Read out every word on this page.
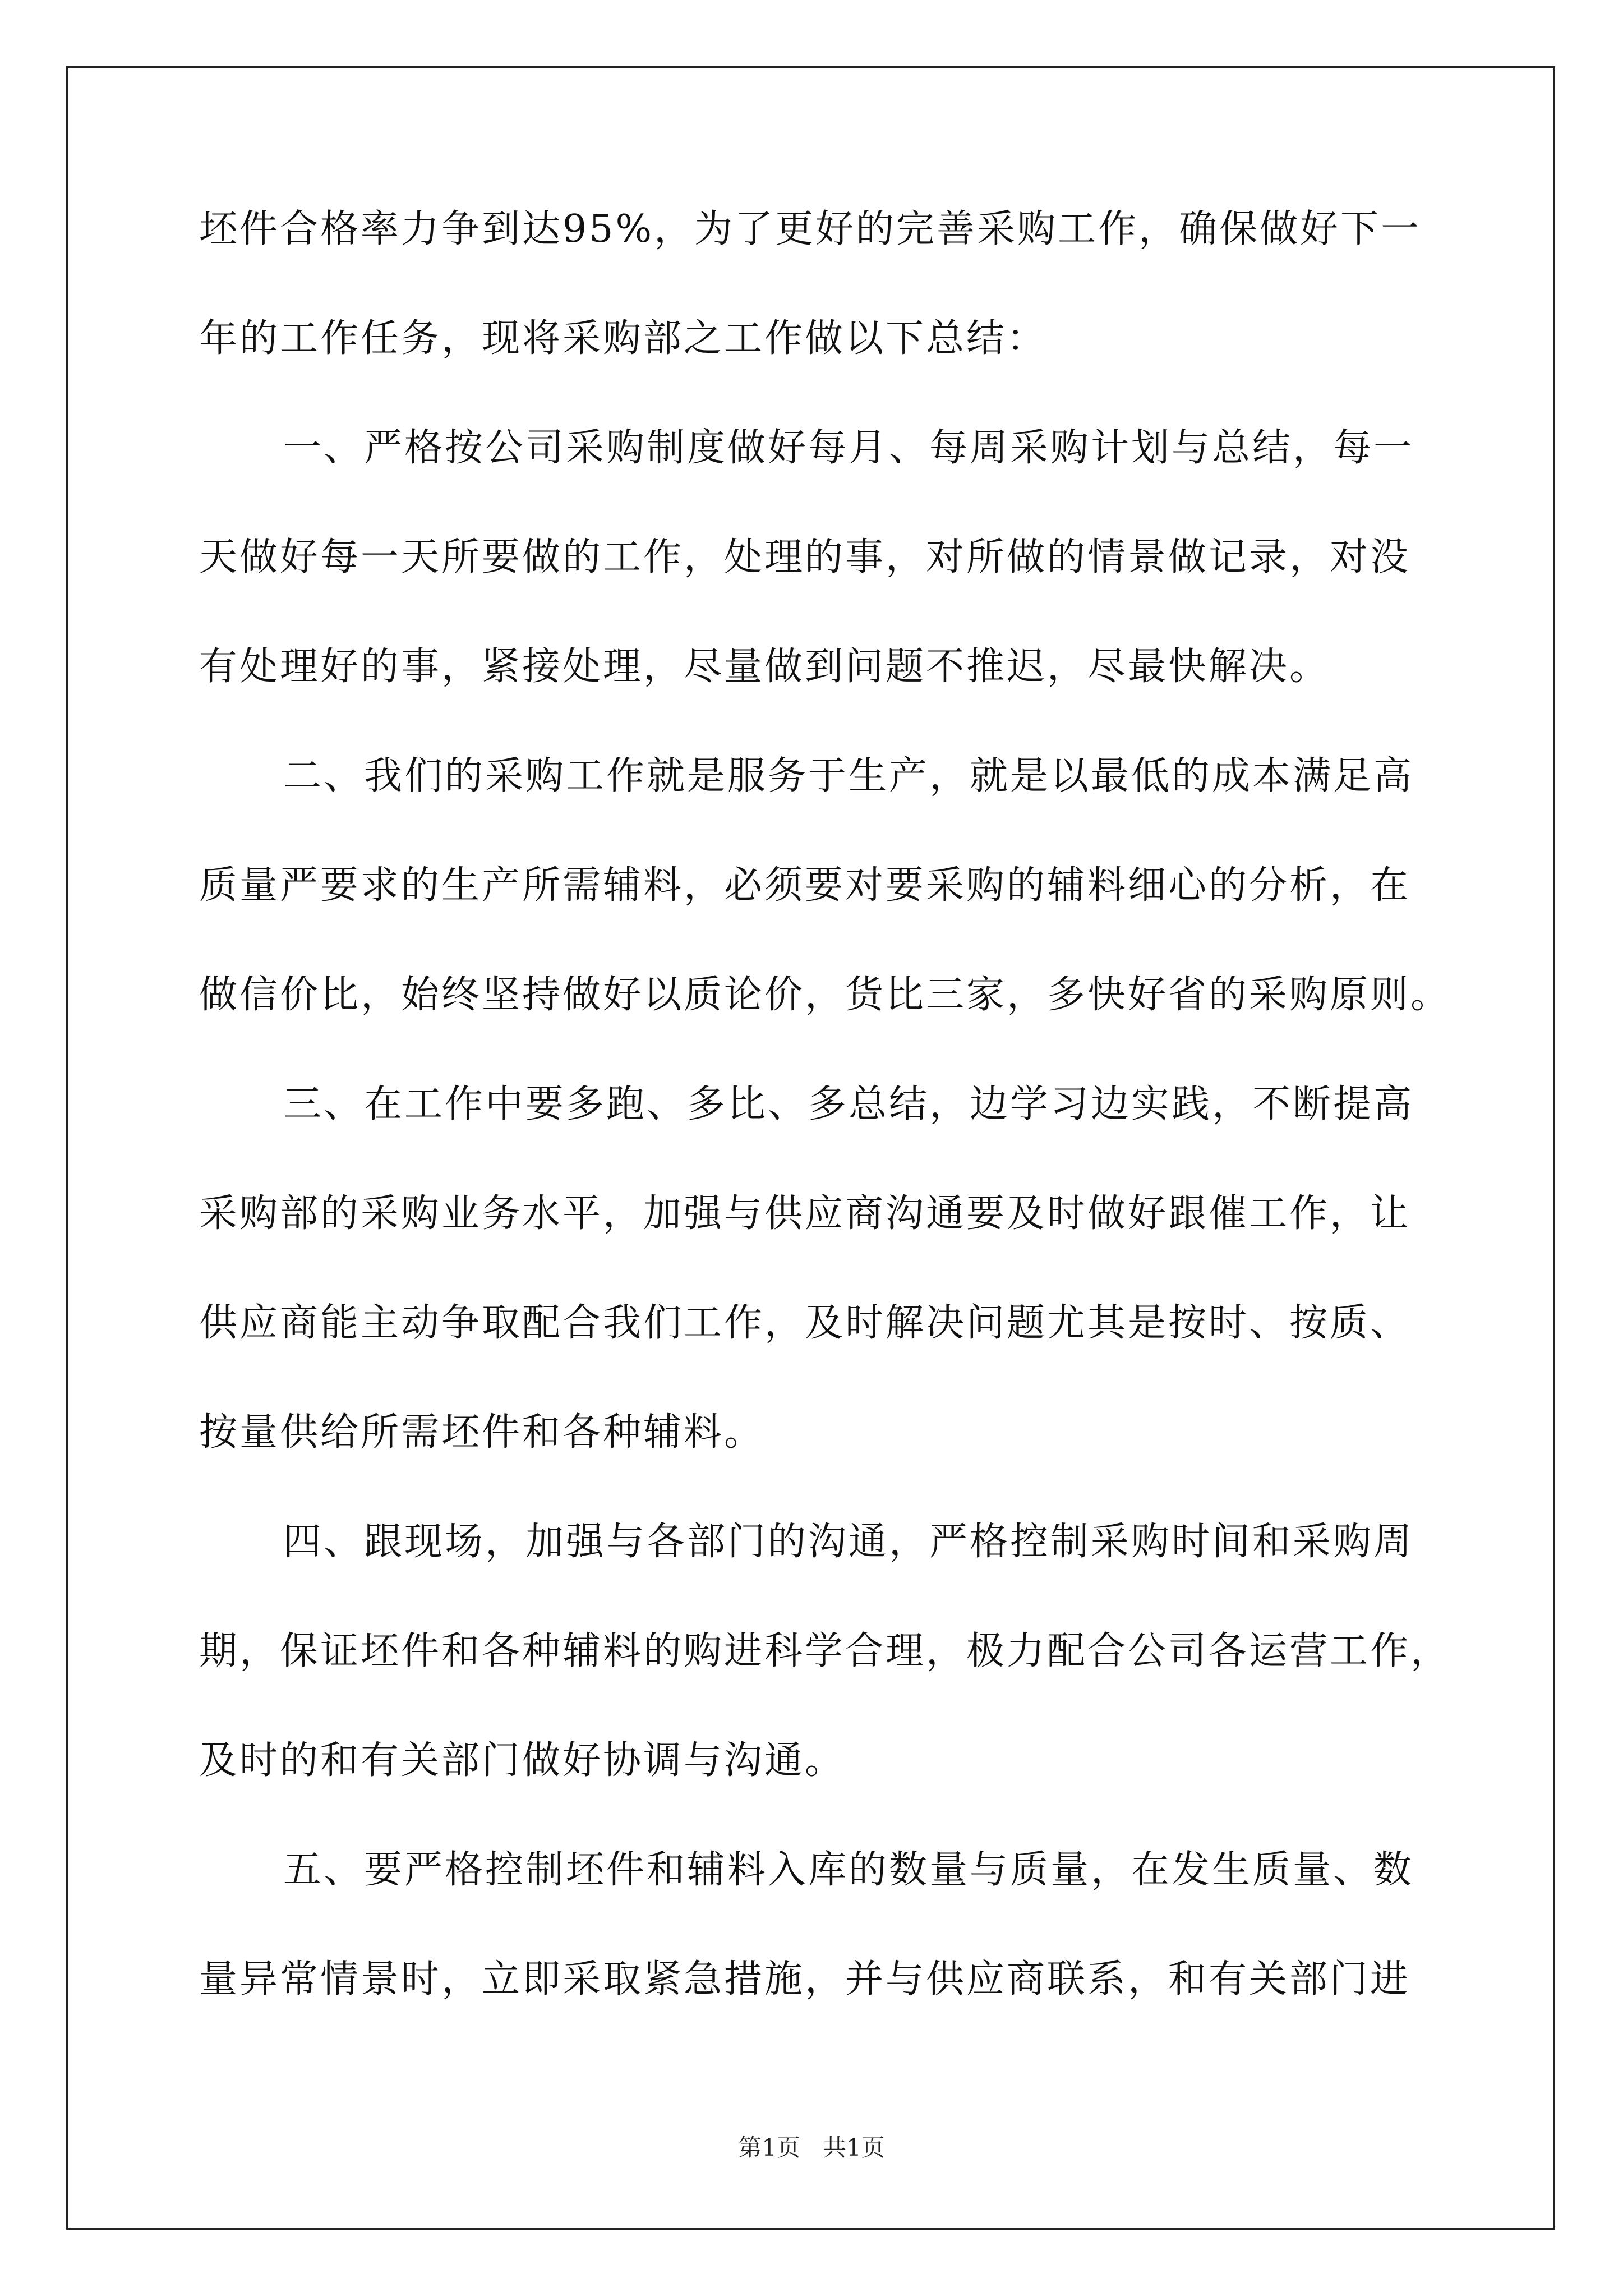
坯件合格率力争到达95%，为了更好的完善采购工作，确保做好下一
年的工作任务，现将采购部之工作做以下总结：
一、严格按公司采购制度做好每月、每周采购计划与总结，每一
天做好每一天所要做的工作，处理的事，对所做的情景做记录，对没
有处理好的事，紧接处理，尽量做到问题不推迟，尽最快解决。
二、我们的采购工作就是服务于生产，就是以最低的成本满足高
质量严要求的生产所需辅料，必须要对要采购的辅料细心的分析，在
做信价比，始终坚持做好以质论价，货比三家，多快好省的采购原则。
三、在工作中要多跑、多比、多总结，边学习边实践，不断提高
采购部的采购业务水平，加强与供应商沟通要及时做好跟催工作，让
供应商能主动争取配合我们工作，及时解决问题尤其是按时、按质、
按量供给所需坯件和各种辅料。
四、跟现场，加强与各部门的沟通，严格控制采购时间和采购周
期，保证坯件和各种辅料的购进科学合理，极力配合公司各运营工作，
及时的和有关部门做好协调与沟通。
五、要严格控制坯件和辅料入库的数量与质量，在发生质量、数
量异常情景时，立即采取紧急措施，并与供应商联系，和有关部门进
第1页   共1页
